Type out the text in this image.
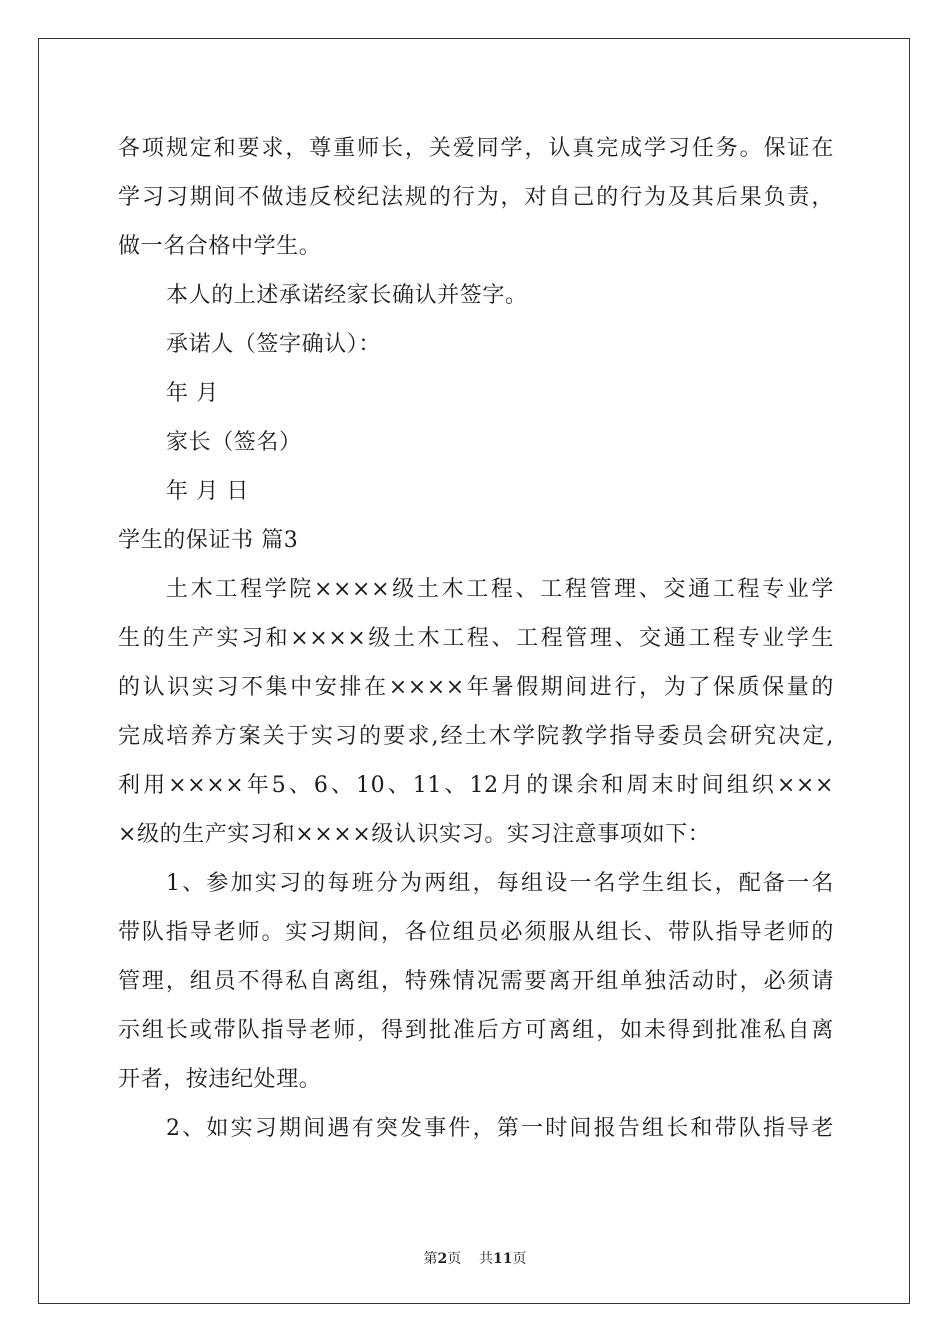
各项规定和要求，尊重师长，关爱同学，认真完成学习任务。保证在
学习习期间不做违反校纪法规的行为，对自己的行为及其后果负责，
做一名合格中学生。
本人的上述承诺经家长确认并签字。
承诺人（签字确认）：
年 月
家长（签名）
年 月 日
学生的保证书 篇3
土木工程学院××××级土木工程、工程管理、交通工程专业学
生的生产实习和××××级土木工程、工程管理、交通工程专业学生
的认识实习不集中安排在××××年暑假期间进行，为了保质保量的
完成培养方案关于实习的要求,经土木学院教学指导委员会研究决定,
利用××××年5、6、10、11、12月的课余和周末时间组织×××
×级的生产实习和××××级认识实习。实习注意事项如下：
1、参加实习的每班分为两组，每组设一名学生组长，配备一名
带队指导老师。实习期间，各位组员必须服从组长、带队指导老师的
管理，组员不得私自离组，特殊情况需要离开组单独活动时，必须请
示组长或带队指导老师，得到批准后方可离组，如未得到批准私自离
开者，按违纪处理。
2、如实习期间遇有突发事件，第一时间报告组长和带队指导老
第2页 共11页
